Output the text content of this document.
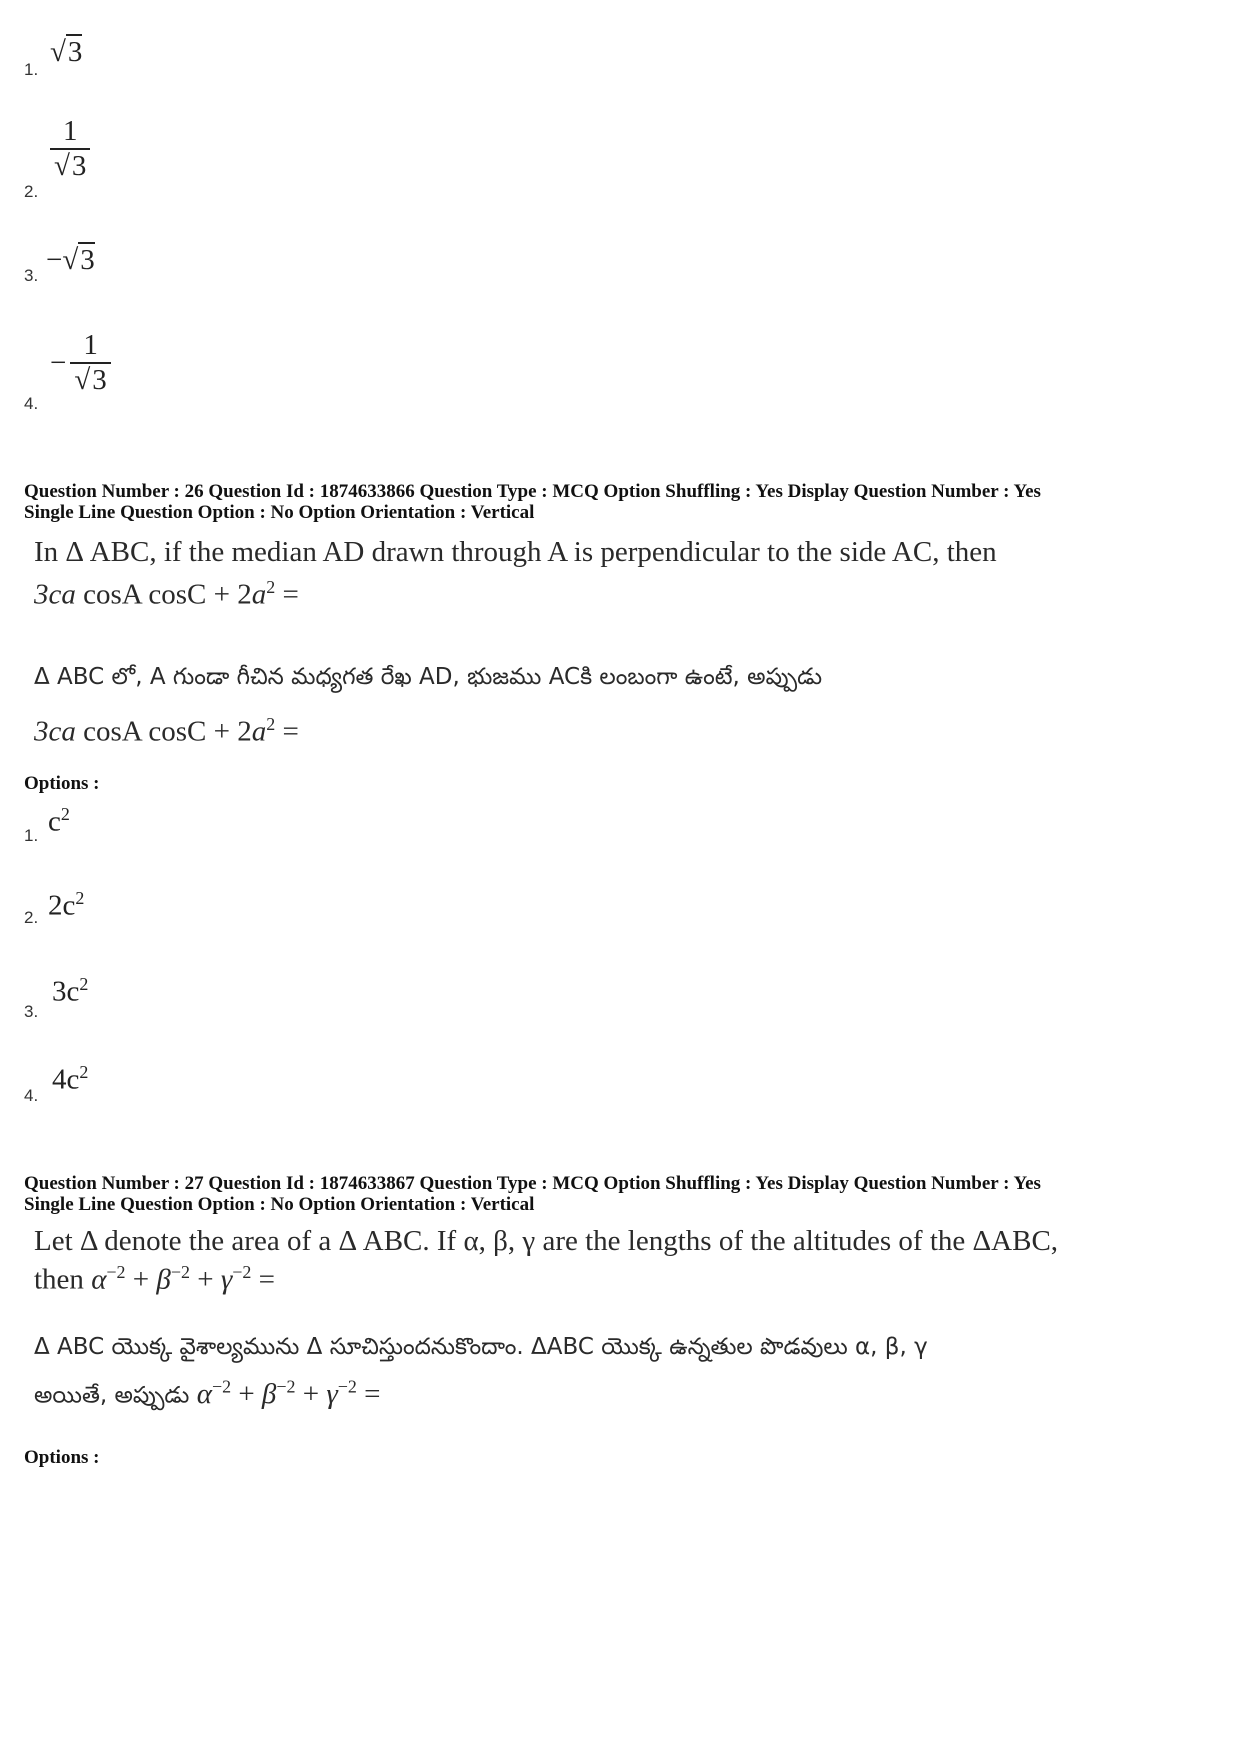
1.
√3
2.
$\frac{1}{√3}$
3. −√3
4.
− $\frac{1}{√3}$
Question Number : 26 Question Id : 1874633866 Question Type : MCQ Option Shuffling : Yes Display Question Number : Yes
Single Line Question Option : No Option Orientation : Vertical
In Δ ABC, if the median AD drawn through A is perpendicular to the side AC, then
3ca cosA $\cos C + 2a^2$ =
Δ ABC లో, A గుండా గీచిన మధ్యగత రేఖ AD, భుజము ACకి లంబంగా ఉంటే, అప్పుడు
3ca cosA $\cos C + 2a^2$ =
Options :
1. $c^2$
2. $2c^2$
3.
$3c^2$
4. $4c^2$
Question Number : 27 Question Id : 1874633867 Question Type : MCQ Option Shuffling : Yes Display Question Number : Yes
Single Line Question Option : No Option Orientation : Vertical
Let Δ denote the area of a Δ ABC. If α, β, γ are the lengths of the altitudes of the ΔABC,
then $\alpha^{-2} + \beta^{-2} + \gamma^{-2}$ =
Δ ABC యొక్క వైశాల్యమును Δ సూచిస్తుందనుకొందాం. ΔABC యొక్క ఉన్నతుల పొడవులు α, β, γ
అయితే, అప్పుడు $\alpha^{-2} + \beta^{-2} + \gamma^{-2}$ =
Options :
